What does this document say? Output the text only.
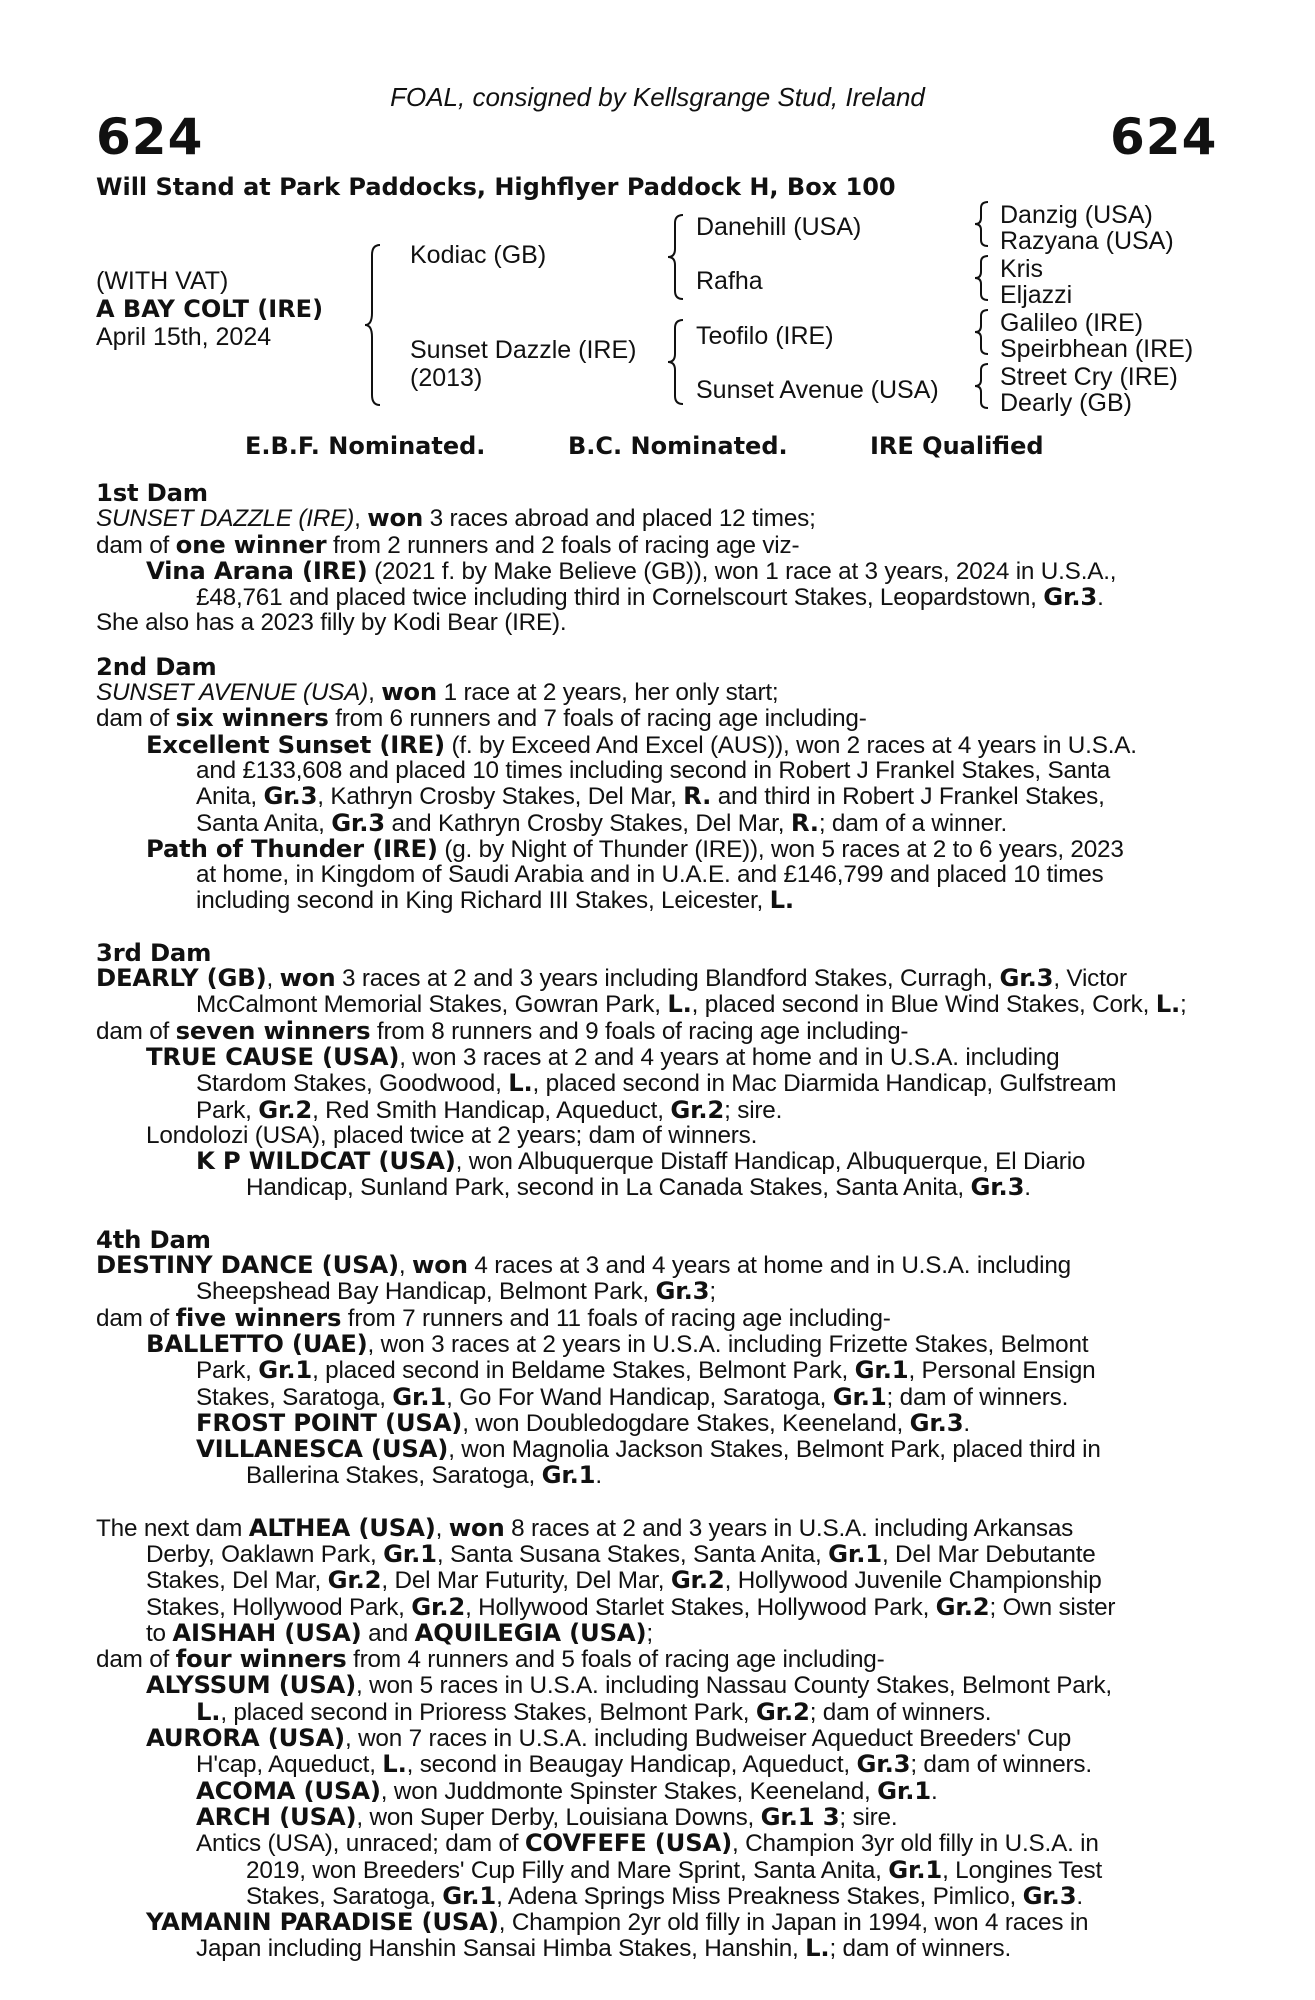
FOAL, consigned by Kellsgrange Stud, Ireland
624	624
Will Stand at Park Paddocks, Highflyer Paddock H, Box 100
(WITH VAT)
A BAY COLT (IRE)
April 15th, 2024
Kodiac (GB)
Sunset Dazzle (IRE)
(2013)
Danehill (USA)
Rafha
Teofilo (IRE)
Sunset Avenue (USA)
Danzig (USA)
Razyana (USA)
Kris
Eljazzi
Galileo (IRE)
Speirbhean (IRE)
Street Cry (IRE)
Dearly (GB)
E.B.F. Nominated.	B.C. Nominated.	IRE Qualified

1st Dam

SUNSET DAZZLE (IRE), won 3 races abroad and placed 12 times;

dam of one winner from 2 runners and 2 foals of racing age viz-

Vina Arana (IRE) (2021 f. by Make Believe (GB)), won 1 race at 3 years, 2024 in U.S.A.,

£48,761 and placed twice including third in Cornelscourt Stakes, Leopardstown, Gr.3.

She also has a 2023 filly by Kodi Bear (IRE).

2nd Dam

SUNSET AVENUE (USA), won 1 race at 2 years, her only start;

dam of six winners from 6 runners and 7 foals of racing age including-

Excellent Sunset (IRE) (f. by Exceed And Excel (AUS)), won 2 races at 4 years in U.S.A.

and £133,608 and placed 10 times including second in Robert J Frankel Stakes, Santa

Anita, Gr.3, Kathryn Crosby Stakes, Del Mar, R. and third in Robert J Frankel Stakes,

Santa Anita, Gr.3 and Kathryn Crosby Stakes, Del Mar, R.; dam of a winner.

Path of Thunder (IRE) (g. by Night of Thunder (IRE)), won 5 races at 2 to 6 years, 2023

at home, in Kingdom of Saudi Arabia and in U.A.E. and £146,799 and placed 10 times

including second in King Richard III Stakes, Leicester, L.

3rd Dam

DEARLY (GB), won 3 races at 2 and 3 years including Blandford Stakes, Curragh, Gr.3, Victor

McCalmont Memorial Stakes, Gowran Park, L., placed second in Blue Wind Stakes, Cork, L.;

dam of seven winners from 8 runners and 9 foals of racing age including-

TRUE CAUSE (USA), won 3 races at 2 and 4 years at home and in U.S.A. including

Stardom Stakes, Goodwood, L., placed second in Mac Diarmida Handicap, Gulfstream

Park, Gr.2, Red Smith Handicap, Aqueduct, Gr.2; sire.

Londolozi (USA), placed twice at 2 years; dam of winners.

K P WILDCAT (USA), won Albuquerque Distaff Handicap, Albuquerque, El Diario

Handicap, Sunland Park, second in La Canada Stakes, Santa Anita, Gr.3.

4th Dam

DESTINY DANCE (USA), won 4 races at 3 and 4 years at home and in U.S.A. including

Sheepshead Bay Handicap, Belmont Park, Gr.3;

dam of five winners from 7 runners and 11 foals of racing age including-

BALLETTO (UAE), won 3 races at 2 years in U.S.A. including Frizette Stakes, Belmont

Park, Gr.1, placed second in Beldame Stakes, Belmont Park, Gr.1, Personal Ensign

Stakes, Saratoga, Gr.1, Go For Wand Handicap, Saratoga, Gr.1; dam of winners.

FROST POINT (USA), won Doubledogdare Stakes, Keeneland, Gr.3.

VILLANESCA (USA), won Magnolia Jackson Stakes, Belmont Park, placed third in

Ballerina Stakes, Saratoga, Gr.1.

The next dam ALTHEA (USA), won 8 races at 2 and 3 years in U.S.A. including Arkansas

Derby, Oaklawn Park, Gr.1, Santa Susana Stakes, Santa Anita, Gr.1, Del Mar Debutante

Stakes, Del Mar, Gr.2, Del Mar Futurity, Del Mar, Gr.2, Hollywood Juvenile Championship

Stakes, Hollywood Park, Gr.2, Hollywood Starlet Stakes, Hollywood Park, Gr.2; Own sister

to AISHAH (USA) and AQUILEGIA (USA);

dam of four winners from 4 runners and 5 foals of racing age including-

ALYSSUM (USA), won 5 races in U.S.A. including Nassau County Stakes, Belmont Park,

L., placed second in Prioress Stakes, Belmont Park, Gr.2; dam of winners.

AURORA (USA), won 7 races in U.S.A. including Budweiser Aqueduct Breeders' Cup

H'cap, Aqueduct, L., second in Beaugay Handicap, Aqueduct, Gr.3; dam of winners.

ACOMA (USA), won Juddmonte Spinster Stakes, Keeneland, Gr.1.

ARCH (USA), won Super Derby, Louisiana Downs, Gr.1 3; sire.

Antics (USA), unraced; dam of COVFEFE (USA), Champion 3yr old filly in U.S.A. in

2019, won Breeders' Cup Filly and Mare Sprint, Santa Anita, Gr.1, Longines Test

Stakes, Saratoga, Gr.1, Adena Springs Miss Preakness Stakes, Pimlico, Gr.3.

YAMANIN PARADISE (USA), Champion 2yr old filly in Japan in 1994, won 4 races in

Japan including Hanshin Sansai Himba Stakes, Hanshin, L.; dam of winners.
